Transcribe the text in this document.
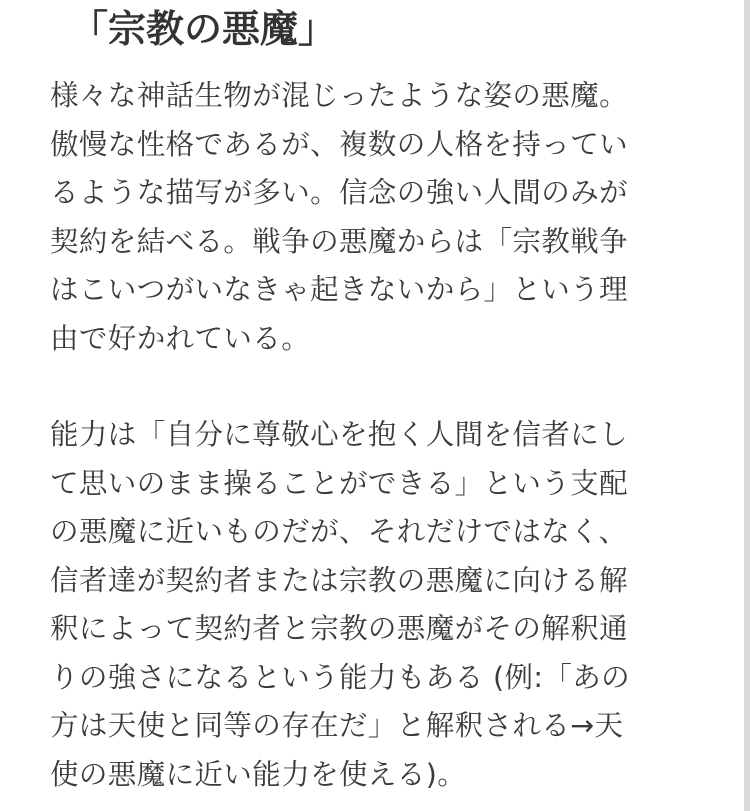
「宗教の悪魔」

様々な神話生物が混じったような姿の悪魔。
傲慢な性格であるが、複数の人格を持ってい
るような描写が多い。信念の強い人間のみが
契約を結べる。戦争の悪魔からは「宗教戦争
はこいつがいなきゃ起きないから」という理
由で好かれている。

能力は「自分に尊敬心を抱く人間を信者にし
て思いのまま操ることができる」という支配
の悪魔に近いものだが、それだけではなく、
信者達が契約者または宗教の悪魔に向ける解
釈によって契約者と宗教の悪魔がその解釈通
りの強さになるという能力もある (例:「あの
方は天使と同等の存在だ」と解釈される→天
使の悪魔に近い能力を使える)。
